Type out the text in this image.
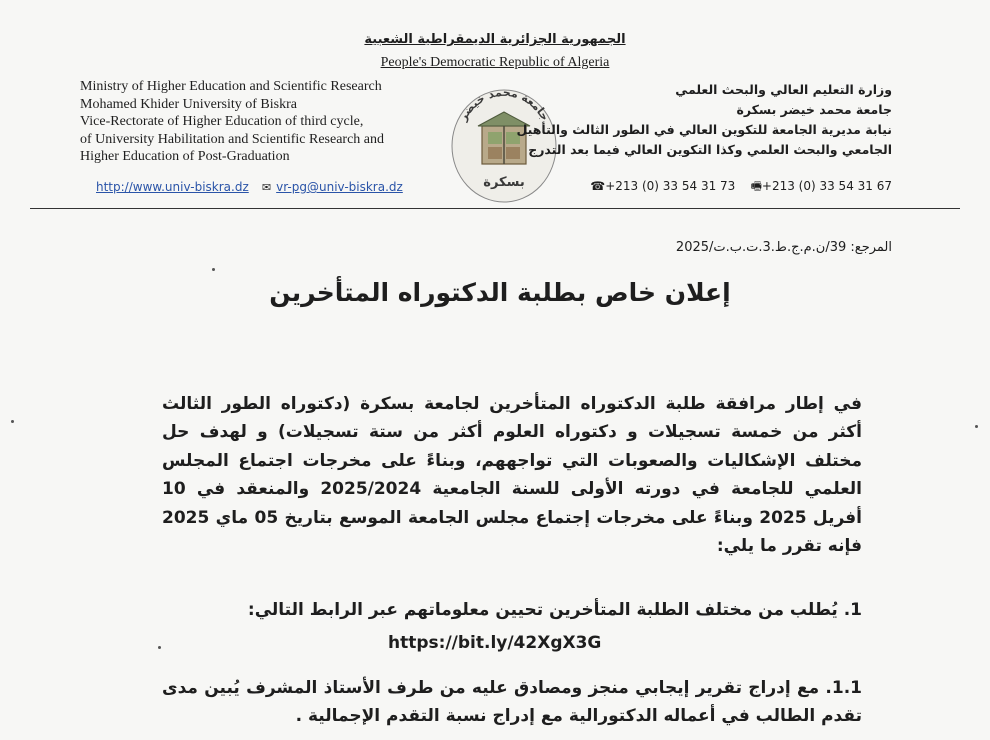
الجمهورية الجزائرية الديمقراطية الشعبية
People's Democratic Republic of Algeria
Ministry of Higher Education and Scientific Research
Mohamed Khider University of Biskra
Vice-Rectorate of Higher Education of third cycle,
of University Habilitation and Scientific Research and
Higher Education of Post-Graduation
http://www.univ-biskra.dz ✉ vr-pg@univ-biskra.dz
جامعة محمد خيضر
بسكرة
وزارة التعليم العالي والبحث العلمي
جامعة محمد خيضر بسكرة
نيابة مديرية الجامعة للتكوين العالي في الطور الثالث والتأهيل
الجامعي والبحث العلمي وكذا التكوين العالي فيما بعد التدرج
☎+213 (0) 33 54 31 73 🖷+213 (0) 33 54 31 67
المرجع: 39/ن.م.ج.ط.3.ت.ب.ت/2025
إعلان خاص بطلبة الدكتوراه المتأخرين
في إطار مرافقة طلبة الدكتوراه المتأخرين لجامعة بسكرة (دكتوراه الطور الثالث أكثر من خمسة تسجيلات و دكتوراه العلوم أكثر من ستة تسجيلات) و لهدف حل مختلف الإشكاليات والصعوبات التي تواجههم، وبناءً على مخرجات اجتماع المجلس العلمي للجامعة في دورته الأولى للسنة الجامعية 2025/2024 والمنعقد في 10 أفريل 2025 وبناءً على مخرجات إجتماع مجلس الجامعة الموسع بتاريخ 05 ماي 2025 فإنه تقرر ما يلي:
1. يُطلب من مختلف الطلبة المتأخرين تحيين معلوماتهم عبر الرابط التالي:
https://bit.ly/42XgX3G
1.1. مع إدراج تقرير إيجابي منجز ومصادق عليه من طرف الأستاذ المشرف يُبين مدى تقدم الطالب في أعماله الدكتورالية مع إدراج نسبة التقدم الإجمالية .
